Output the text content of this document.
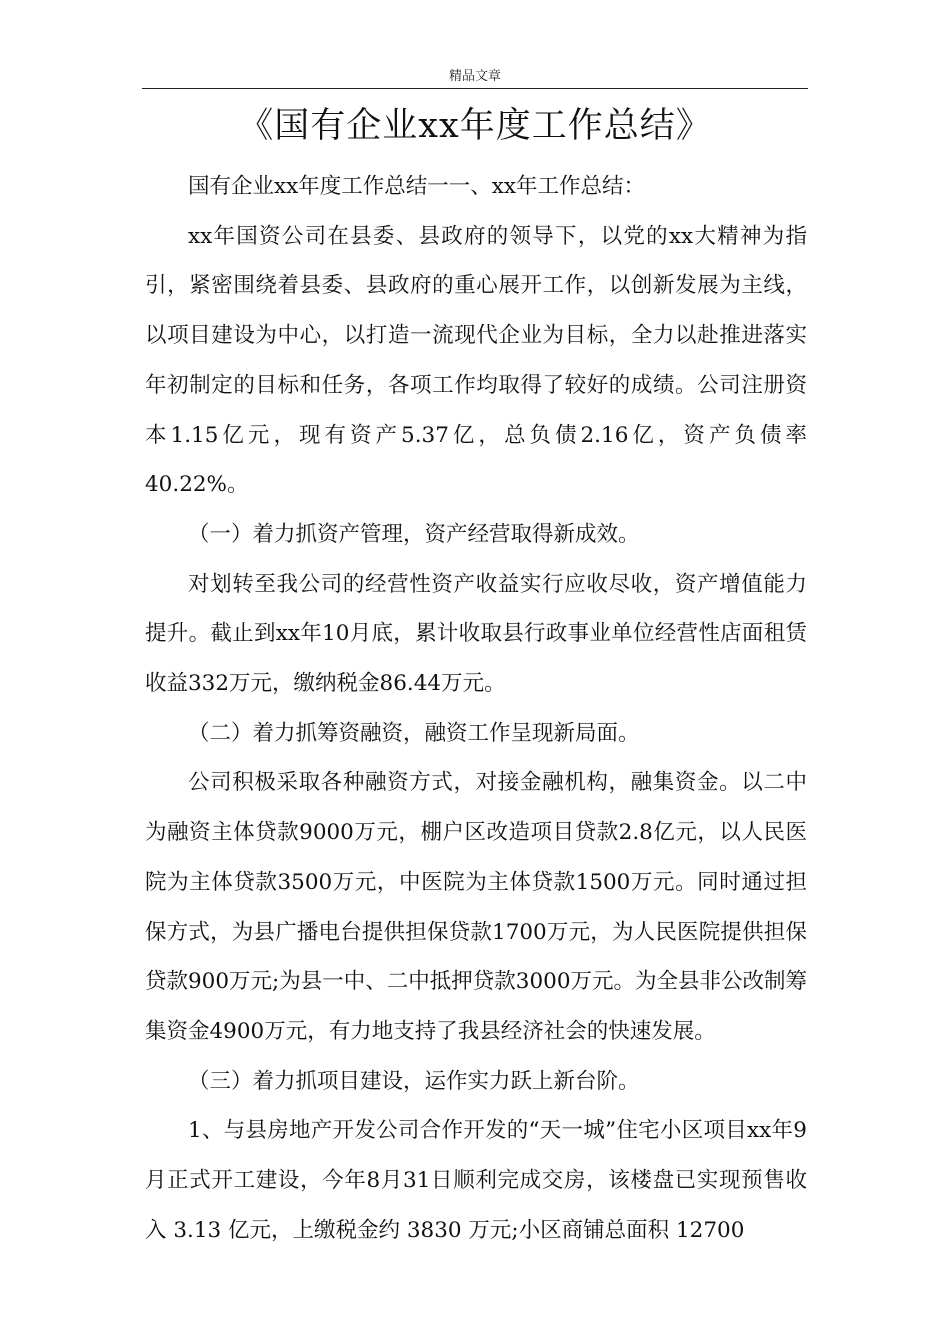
精品文章
《国有企业xx年度工作总结》

国有企业xx年度工作总结一一、xx年工作总结：

xx年国资公司在县委、县政府的领导下，以党的xx大精神为指引，紧密围绕着县委、县政府的重心展开工作，以创新发展为主线，以项目建设为中心，以打造一流现代企业为目标，全力以赴推进落实年初制定的目标和任务，各项工作均取得了较好的成绩。公司注册资本1.15亿元，现有资产5.37亿，总负债2.16亿，资产负债率40.22%。

（一）着力抓资产管理，资产经营取得新成效。

对划转至我公司的经营性资产收益实行应收尽收，资产增值能力提升。截止到xx年10月底，累计收取县行政事业单位经营性店面租赁收益332万元，缴纳税金86.44万元。

（二）着力抓筹资融资，融资工作呈现新局面。

公司积极采取各种融资方式，对接金融机构，融集资金。以二中为融资主体贷款9000万元，棚户区改造项目贷款2.8亿元，以人民医院为主体贷款3500万元，中医院为主体贷款1500万元。同时通过担保方式，为县广播电台提供担保贷款1700万元，为人民医院提供担保贷款900万元;为县一中、二中抵押贷款3000万元。为全县非公改制筹集资金4900万元，有力地支持了我县经济社会的快速发展。

（三）着力抓项目建设，运作实力跃上新台阶。

1、与县房地产开发公司合作开发的“天一城”住宅小区项目xx年9月正式开工建设，今年8月31日顺利完成交房，该楼盘已实现预售收入 3.13 亿元，上缴税金约 3830 万元;小区商铺总面积 12700
